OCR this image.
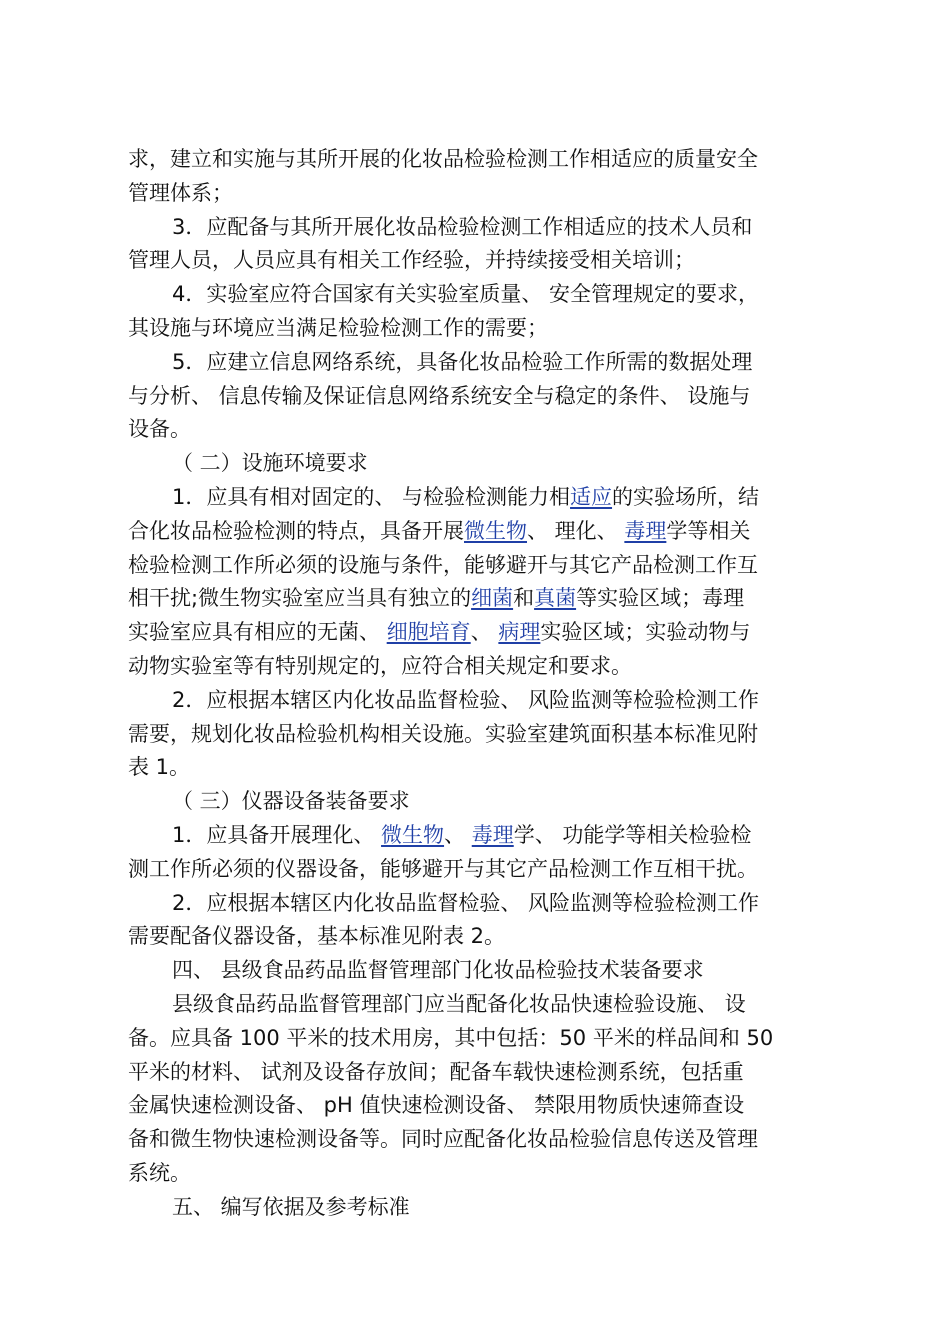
求，建立和实施与其所开展的化妆品检验检测工作相适应的质量安全
管理体系；
3．应配备与其所开展化妆品检验检测工作相适应的技术人员和
管理人员，人员应具有相关工作经验，并持续接受相关培训；
4．实验室应符合国家有关实验室质量、 安全管理规定的要求，
其设施与环境应当满足检验检测工作的需要；
5．应建立信息网络系统，具备化妆品检验工作所需的数据处理
与分析、 信息传输及保证信息网络系统安全与稳定的条件、 设施与
设备。
（ 二）设施环境要求
1．应具有相对固定的、 与检验检测能力相适应的实验场所，结
合化妆品检验检测的特点，具备开展微生物、 理化、 毒理学等相关
检验检测工作所必须的设施与条件，能够避开与其它产品检测工作互
相干扰;微生物实验室应当具有独立的细菌和真菌等实验区域；毒理
实验室应具有相应的无菌、 细胞培育、 病理实验区域；实验动物与
动物实验室等有特别规定的，应符合相关规定和要求。
2．应根据本辖区内化妆品监督检验、 风险监测等检验检测工作
需要，规划化妆品检验机构相关设施。实验室建筑面积基本标准见附
表 1。
（ 三）仪器设备装备要求
1．应具备开展理化、 微生物、 毒理学、 功能学等相关检验检
测工作所必须的仪器设备，能够避开与其它产品检测工作互相干扰。
2．应根据本辖区内化妆品监督检验、 风险监测等检验检测工作
需要配备仪器设备，基本标准见附表 2。
四、 县级食品药品监督管理部门化妆品检验技术装备要求
县级食品药品监督管理部门应当配备化妆品快速检验设施、 设
备。应具备 100 平米的技术用房，其中包括：50 平米的样品间和 50
平米的材料、 试剂及设备存放间；配备车载快速检测系统，包括重
金属快速检测设备、 pH 值快速检测设备、 禁限用物质快速筛查设
备和微生物快速检测设备等。同时应配备化妆品检验信息传送及管理
系统。
五、 编写依据及参考标准
